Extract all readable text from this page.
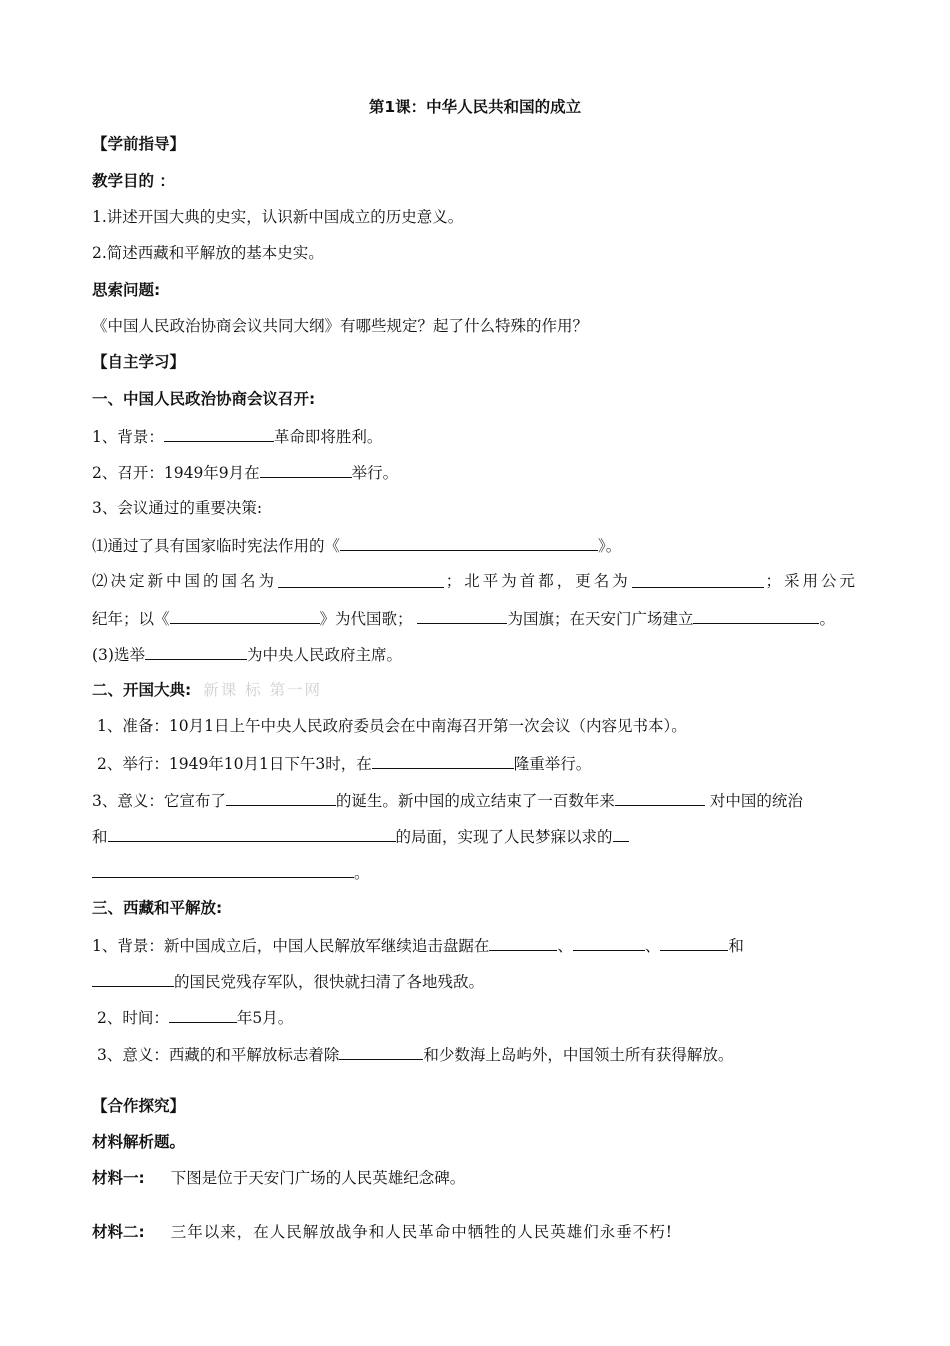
第1课：中华人民共和国的成立
【学前指导】
教学目的 ：
1.讲述开国大典的史实，认识新中国成立的历史意义。
2.简述西藏和平解放的基本史实。
思索问题:
《中国人民政治协商会议共同大纲》有哪些规定？起了什么特殊的作用？
【自主学习】
一、中国人民政治协商会议召开:
1、背景：	革命即将胜利。
2、召开：1949年9月在	举行。
3、会议通过的重要决策:
⑴通过了具有国家临时宪法作用的《	》。
⑵决定新中国的国名为	；北平为首都，更名为	；采用公元
纪年；以《	》为代国歌；	为国旗；在天安门广场建立	。
(3)选举	为中央人民政府主席。
二、开国大典: 新课 标 第一网
1、准备：10月1日上午中央人民政府委员会在中南海召开第一次会议（内容见书本）。
2、举行：1949年10月1日下午3时，在	隆重举行。
3、意义：它宣布了	的诞生。新中国的成立结束了一百数年来	对中国的统治
和	的局面，实现了人民梦寐以求的
。
三、西藏和平解放:
1、背景：新中国成立后，中国人民解放军继续追击盘踞在	、	、	和
的国民党残存军队，很快就扫清了各地残敌。
2、时间：	年5月。
3、意义：西藏的和平解放标志着除	和少数海上岛屿外，中国领土所有获得解放。
【合作探究】
材料解析题。
材料一: 下图是位于天安门广场的人民英雄纪念碑。
材料二: 三年以来，在人民解放战争和人民革命中牺牲的人民英雄们永垂不朽!
